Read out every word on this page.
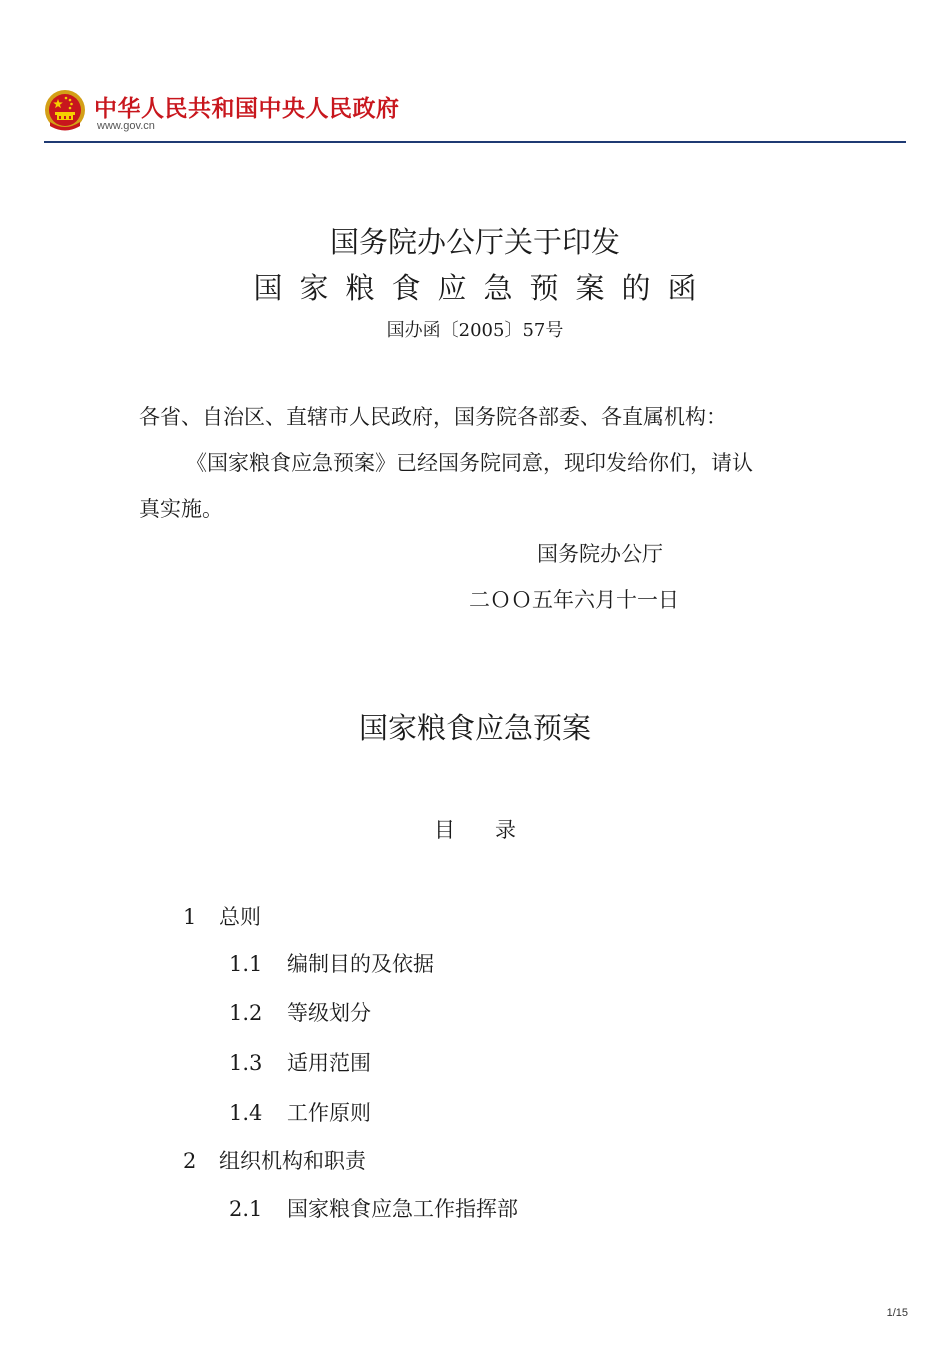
中华人民共和国中央人民政府
www.gov.cn
国务院办公厅关于印发
国家粮食应急预案的函
国办函〔2005〕57号
各省、自治区、直辖市人民政府，国务院各部委、各直属机构：
《国家粮食应急预案》已经国务院同意，现印发给你们，请认
真实施。
国务院办公厅
二ＯＯ五年六月十一日
国家粮食应急预案
目录
1 总则
1.1 编制目的及依据
1.2 等级划分
1.3 适用范围
1.4 工作原则
2 组织机构和职责
2.1 国家粮食应急工作指挥部
1/15
